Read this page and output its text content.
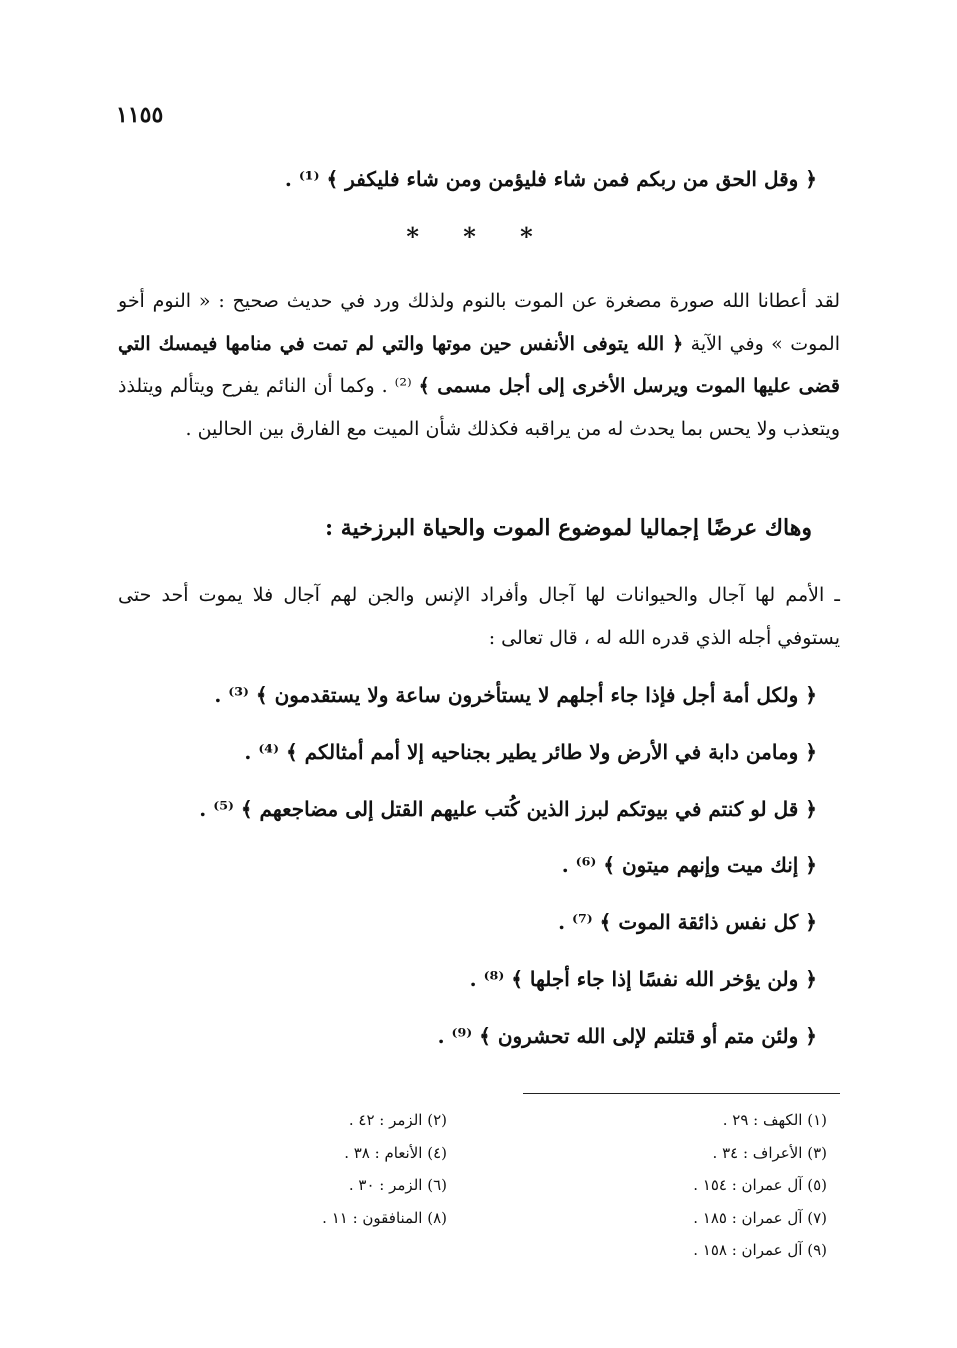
١١٥٥
﴿ وقل الحق من ربكم فمن شاء فليؤمن ومن شاء فليكفر ﴾ ⁽¹⁾ .
* * *
لقد أعطانا الله صورة مصغرة عن الموت بالنوم ولذلك ورد في حديث صحيح : « النوم أخو الموت » وفي الآية ﴿ الله يتوفى الأنفس حين موتها والتي لم تمت في منامها فيمسك التي قضى عليها الموت ويرسل الأخرى إلى أجل مسمى ﴾ ⁽²⁾ . وكما أن النائم يفرح ويتألم ويتلذذ ويتعذب ولا يحس بما يحدث له من يراقبه فكذلك شأن الميت مع الفارق بين الحالين .
وهاك عرضًا إجماليا لموضوع الموت والحياة البرزخية :
ـ الأمم لها آجال والحيوانات لها آجال وأفراد الإنس والجن لهم آجال فلا يموت أحد حتى يستوفي أجله الذي قدره الله له ، قال تعالى :
﴿ ولكل أمة أجل فإذا جاء أجلهم لا يستأخرون ساعة ولا يستقدمون ﴾ ⁽³⁾ .
﴿ ومامن دابة في الأرض ولا طائر يطير بجناحيه إلا أمم أمثالكم ﴾ ⁽⁴⁾ .
﴿ قل لو كنتم في بيوتكم لبرز الذين كُتب عليهم القتل إلى مضاجعهم ﴾ ⁽⁵⁾ .
﴿ إنك ميت وإنهم ميتون ﴾ ⁽⁶⁾ .
﴿ كل نفس ذائقة الموت ﴾ ⁽⁷⁾ .
﴿ ولن يؤخر الله نفسًا إذا جاء أجلها ﴾ ⁽⁸⁾ .
﴿ ولئن متم أو قتلتم لإلى الله تحشرون ﴾ ⁽⁹⁾ .
(١) الكهف : ٢٩ .
(٣) الأعراف : ٣٤ .
(٥) آل عمران : ١٥٤ .
(٧) آل عمران : ١٨٥ .
(٩) آل عمران : ١٥٨ .
(٢) الزمر : ٤٢ .
(٤) الأنعام : ٣٨ .
(٦) الزمر : ٣٠ .
(٨) المنافقون : ١١ .
